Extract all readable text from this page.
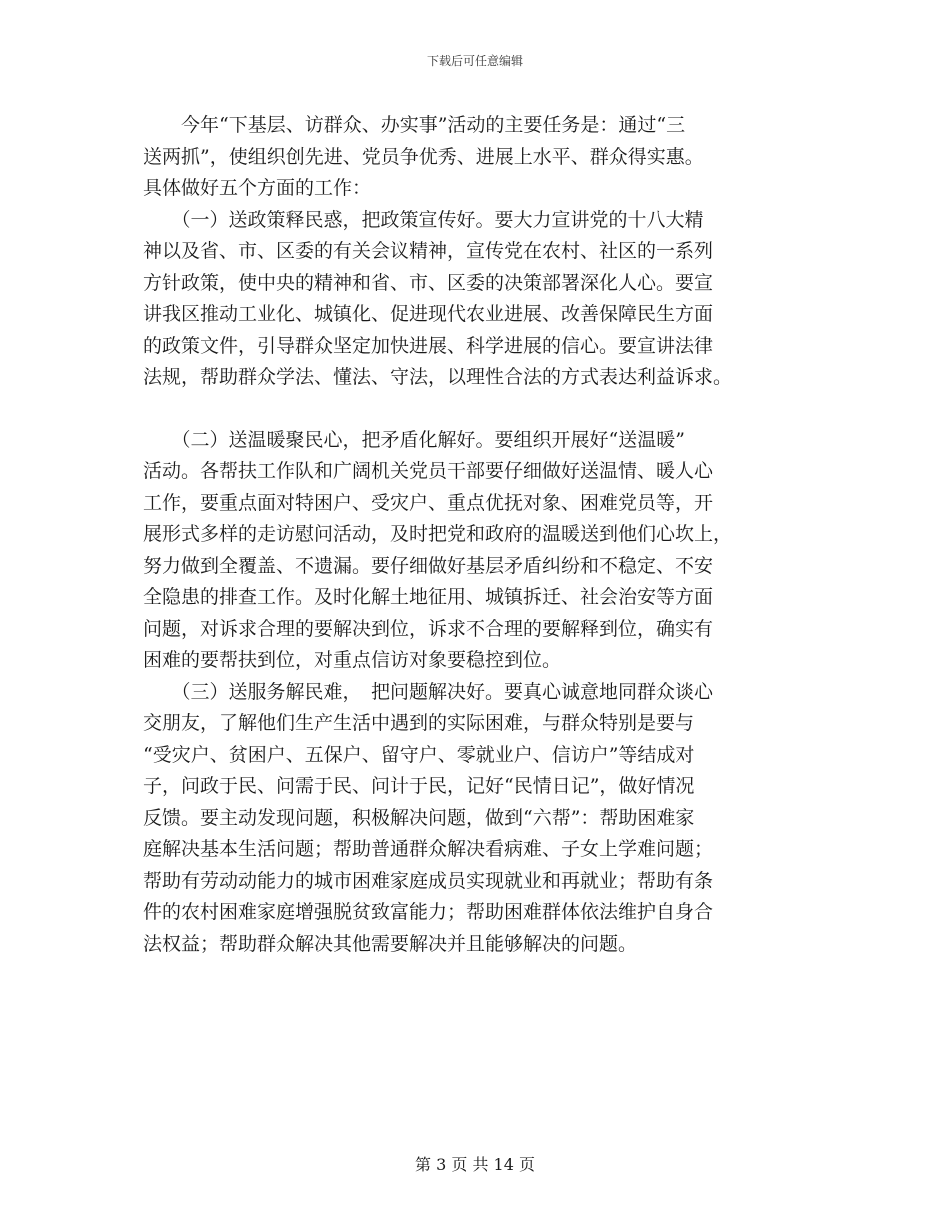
下载后可任意编辑
　　今年“下基层、访群众、办实事”活动的主要任务是：通过“三
送两抓”，使组织创先进、党员争优秀、进展上水平、群众得实惠。
具体做好五个方面的工作：
　　（一）送政策释民惑，把政策宣传好。要大力宣讲党的十八大精
神以及省、市、区委的有关会议精神，宣传党在农村、社区的一系列
方针政策，使中央的精神和省、市、区委的决策部署深化人心。要宣
讲我区推动工业化、城镇化、促进现代农业进展、改善保障民生方面
的政策文件，引导群众坚定加快进展、科学进展的信心。要宣讲法律
法规，帮助群众学法、懂法、守法，以理性合法的方式表达利益诉求。
　　（二）送温暖聚民心，把矛盾化解好。要组织开展好“送温暖”
活动。各帮扶工作队和广阔机关党员干部要仔细做好送温情、暖人心
工作，要重点面对特困户、受灾户、重点优抚对象、困难党员等，开
展形式多样的走访慰问活动，及时把党和政府的温暖送到他们心坎上，
努力做到全覆盖、不遗漏。要仔细做好基层矛盾纠纷和不稳定、不安
全隐患的排查工作。及时化解土地征用、城镇拆迁、社会治安等方面
问题，对诉求合理的要解决到位，诉求不合理的要解释到位，确实有
困难的要帮扶到位，对重点信访对象要稳控到位。
　　（三）送服务解民难，　把问题解决好。要真心诚意地同群众谈心
交朋友，了解他们生产生活中遇到的实际困难，与群众特别是要与
“受灾户、贫困户、五保户、留守户、零就业户、信访户”等结成对
子，问政于民、问需于民、问计于民，记好“民情日记”，做好情况
反馈。要主动发现问题，积极解决问题，做到“六帮”：帮助困难家
庭解决基本生活问题；帮助普通群众解决看病难、子女上学难问题；
帮助有劳动动能力的城市困难家庭成员实现就业和再就业；帮助有条
件的农村困难家庭增强脱贫致富能力；帮助困难群体依法维护自身合
法权益；帮助群众解决其他需要解决并且能够解决的问题。
第 3 页 共 14 页
